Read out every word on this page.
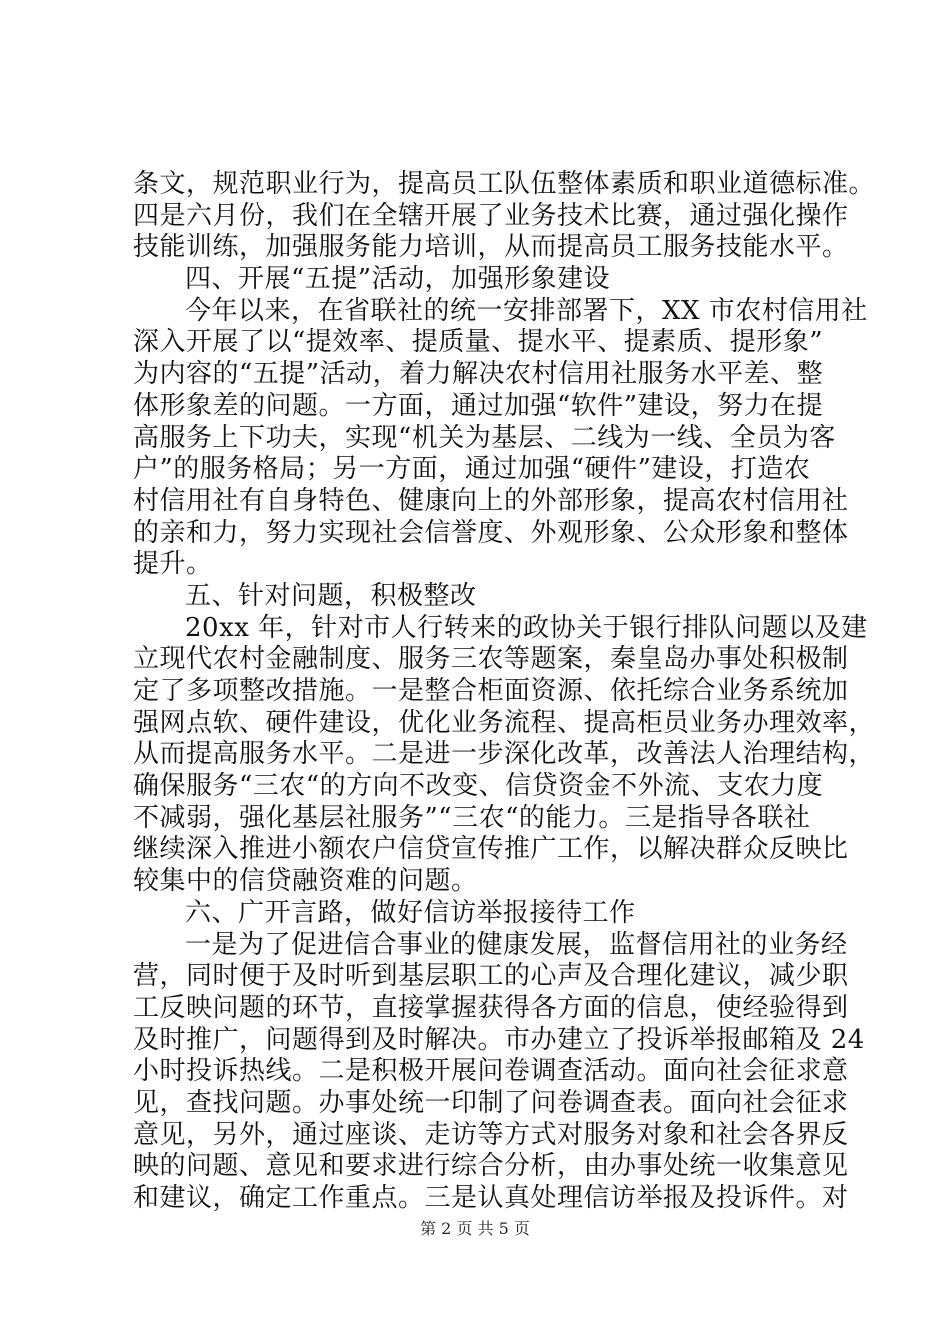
条文，规范职业行为，提高员工队伍整体素质和职业道德标准。
四是六月份，我们在全辖开展了业务技术比赛，通过强化操作
技能训练，加强服务能力培训，从而提高员工服务技能水平。
四、开展“五提”活动，加强形象建设
今年以来，在省联社的统一安排部署下，XX 市农村信用社
深入开展了以“提效率、提质量、提水平、提素质、提形象”
为内容的“五提”活动，着力解决农村信用社服务水平差、整
体形象差的问题。一方面，通过加强“软件”建设，努力在提
高服务上下功夫，实现“机关为基层、二线为一线、全员为客
户”的服务格局；另一方面，通过加强“硬件”建设，打造农
村信用社有自身特色、健康向上的外部形象，提高农村信用社
的亲和力，努力实现社会信誉度、外观形象、公众形象和整体
提升。
五、针对问题，积极整改
20xx 年，针对市人行转来的政协关于银行排队问题以及建
立现代农村金融制度、服务三农等题案，秦皇岛办事处积极制
定了多项整改措施。一是整合柜面资源、依托综合业务系统加
强网点软、硬件建设，优化业务流程、提高柜员业务办理效率，
从而提高服务水平。二是进一步深化改革，改善法人治理结构，
确保服务“三农“的方向不改变、信贷资金不外流、支农力度
不减弱，强化基层社服务”“三农“的能力。三是指导各联社
继续深入推进小额农户信贷宣传推广工作，以解决群众反映比
较集中的信贷融资难的问题。
六、广开言路，做好信访举报接待工作
一是为了促进信合事业的健康发展，监督信用社的业务经
营，同时便于及时听到基层职工的心声及合理化建议，减少职
工反映问题的环节，直接掌握获得各方面的信息，使经验得到
及时推广，问题得到及时解决。市办建立了投诉举报邮箱及 24
小时投诉热线。二是积极开展问卷调查活动。面向社会征求意
见，查找问题。办事处统一印制了问卷调查表。面向社会征求
意见，另外，通过座谈、走访等方式对服务对象和社会各界反
映的问题、意见和要求进行综合分析，由办事处统一收集意见
和建议，确定工作重点。三是认真处理信访举报及投诉件。对
第 2 页 共 5 页
